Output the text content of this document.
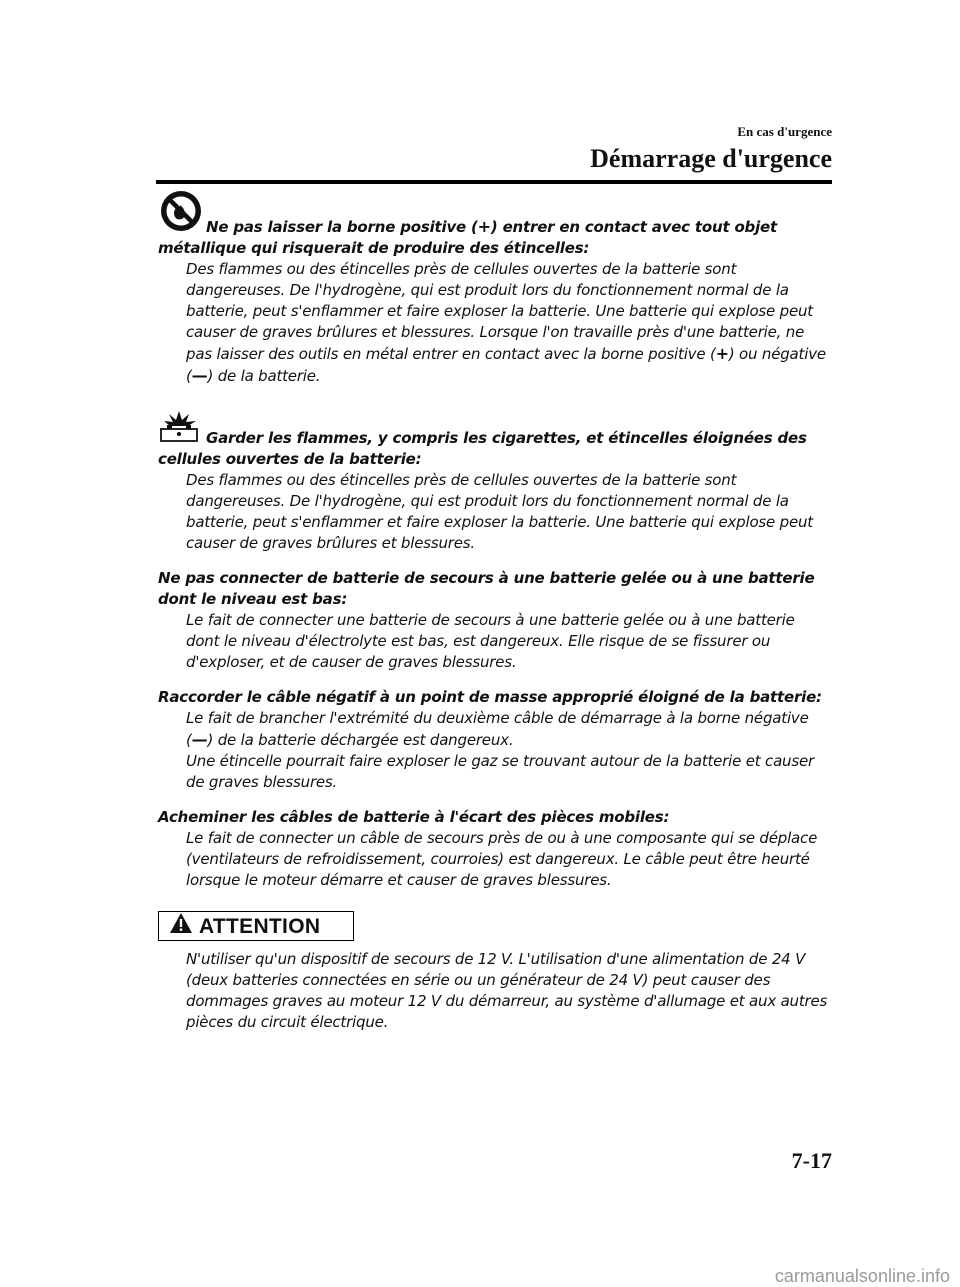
En cas d'urgence
Démarrage d'urgence
Ne pas laisser la borne positive (+) entrer en contact avec tout objet métallique qui risquerait de produire des étincelles:
Des flammes ou des étincelles près de cellules ouvertes de la batterie sont dangereuses. De l'hydrogène, qui est produit lors du fonctionnement normal de la batterie, peut s'enflammer et faire exploser la batterie. Une batterie qui explose peut causer de graves brûlures et blessures. Lorsque l'on travaille près d'une batterie, ne pas laisser des outils en métal entrer en contact avec la borne positive (+) ou négative (—) de la batterie.
Garder les flammes, y compris les cigarettes, et étincelles éloignées des cellules ouvertes de la batterie:
Des flammes ou des étincelles près de cellules ouvertes de la batterie sont dangereuses. De l'hydrogène, qui est produit lors du fonctionnement normal de la batterie, peut s'enflammer et faire exploser la batterie. Une batterie qui explose peut causer de graves brûlures et blessures.
Ne pas connecter de batterie de secours à une batterie gelée ou à une batterie dont le niveau est bas:
Le fait de connecter une batterie de secours à une batterie gelée ou à une batterie dont le niveau d'électrolyte est bas, est dangereux. Elle risque de se fissurer ou d'exploser, et de causer de graves blessures.
Raccorder le câble négatif à un point de masse approprié éloigné de la batterie:
Le fait de brancher l'extrémité du deuxième câble de démarrage à la borne négative
(—) de la batterie déchargée est dangereux.
Une étincelle pourrait faire exploser le gaz se trouvant autour de la batterie et causer de graves blessures.
Acheminer les câbles de batterie à l'écart des pièces mobiles:
Le fait de connecter un câble de secours près de ou à une composante qui se déplace (ventilateurs de refroidissement, courroies) est dangereux. Le câble peut être heurté lorsque le moteur démarre et causer de graves blessures.
ATTENTION
N'utiliser qu'un dispositif de secours de 12 V. L'utilisation d'une alimentation de 24 V (deux batteries connectées en série ou un générateur de 24 V) peut causer des dommages graves au moteur 12 V du démarreur, au système d'allumage et aux autres pièces du circuit électrique.
7-17
carmanualsonline.info
